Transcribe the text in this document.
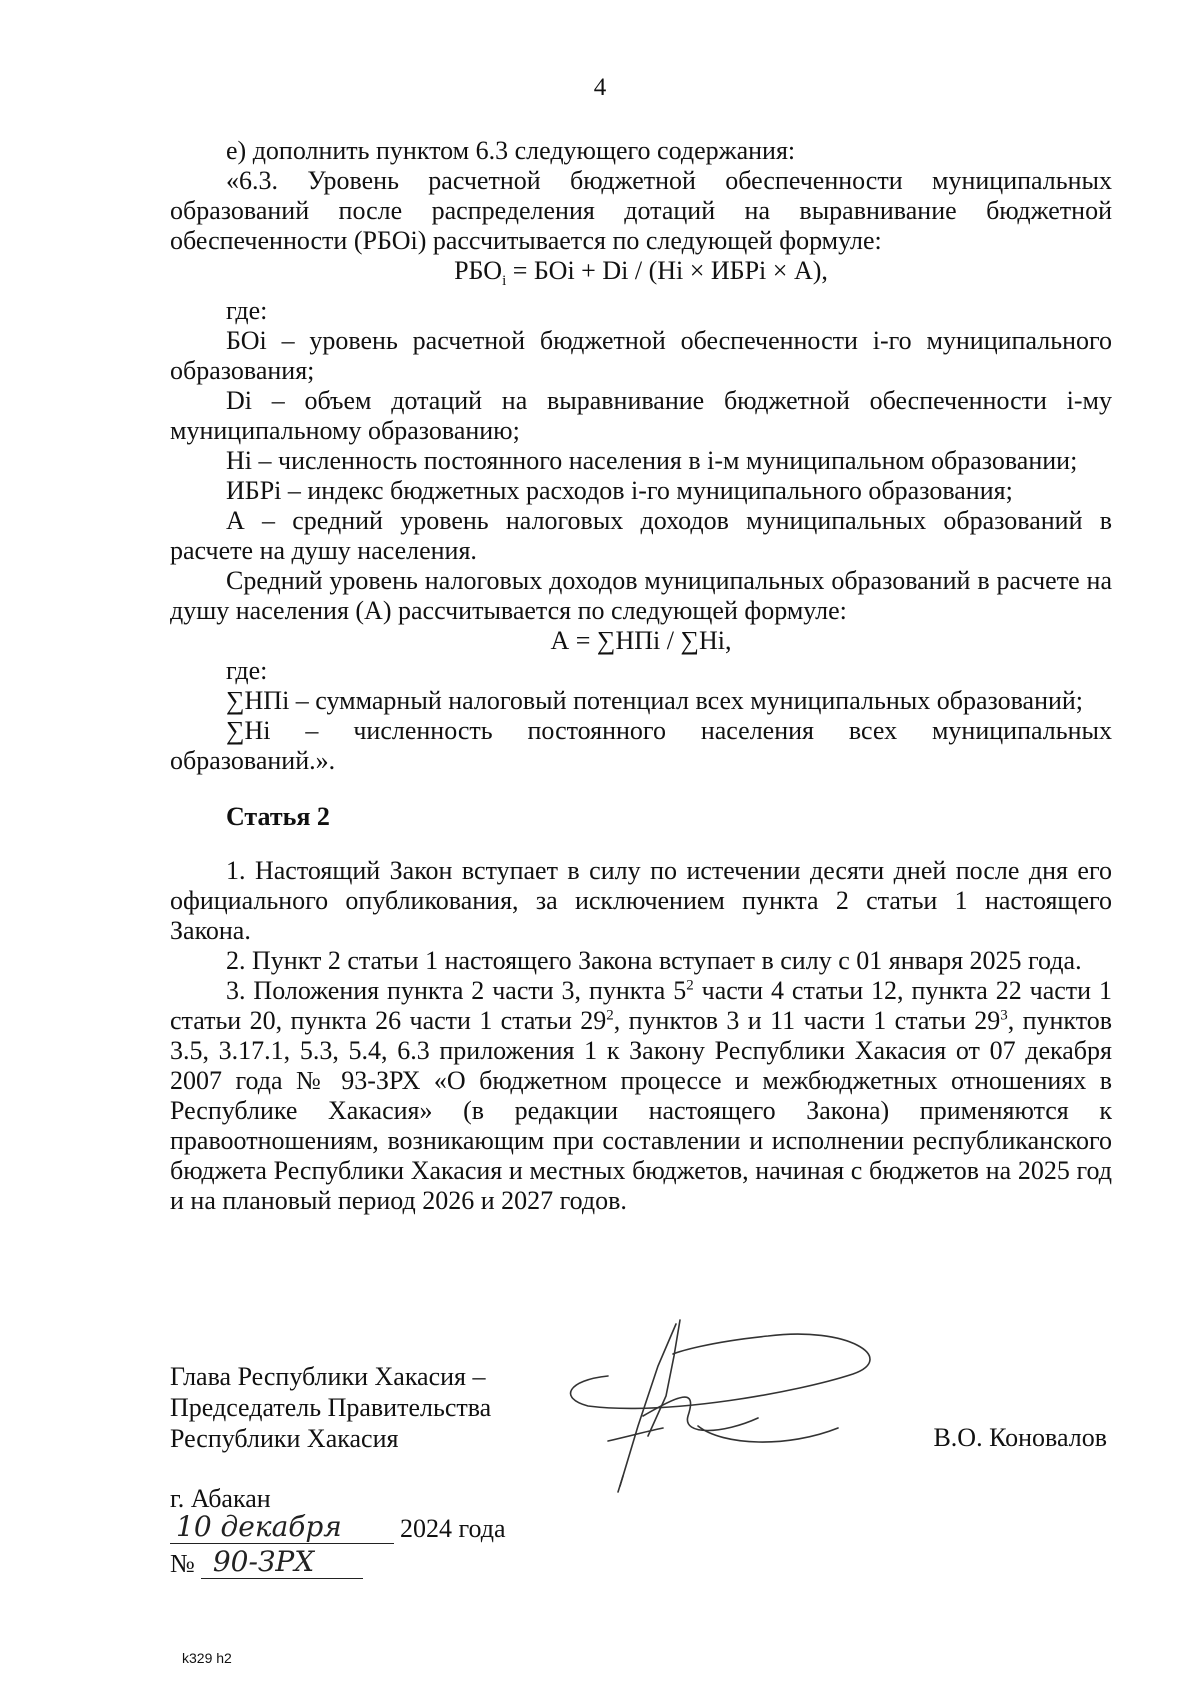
4

е) дополнить пунктом 6.3 следующего содержания:

«6.3. Уровень расчетной бюджетной обеспеченности муниципальных образований после распределения дотаций на выравнивание бюджетной обеспеченности (РБОi) рассчитывается по следующей формуле:

$РБО_i$ = БОi + Di / (Нi × ИБРi × А),

где:

БОi – уровень расчетной бюджетной обеспеченности i-го муниципального образования;

Di – объем дотаций на выравнивание бюджетной обеспеченности i-му муниципальному образованию;

Нi – численность постоянного населения в i-м муниципальном образовании;

ИБРi – индекс бюджетных расходов i-го муниципального образования;

А – средний уровень налоговых доходов муниципальных образований в расчете на душу населения.

Средний уровень налоговых доходов муниципальных образований в расчете на душу населения (А) рассчитывается по следующей формуле:

А = ∑НПi / ∑Нi,

где:

∑НПi – суммарный налоговый потенциал всех муниципальных образований;

∑Нi – численность постоянного населения всех муниципальных образований.».

Статья 2

1. Настоящий Закон вступает в силу по истечении десяти дней после дня его официального опубликования, за исключением пункта 2 статьи 1 настоящего Закона.

2. Пункт 2 статьи 1 настоящего Закона вступает в силу с 01 января 2025 года.

3. Положения пункта 2 части 3, пункта $5^2$ части 4 статьи 12, пункта 22 части 1 статьи 20, пункта 26 части 1 статьи $29^2$, пунктов 3 и 11 части 1 статьи $29^3$, пунктов 3.5, 3.17.1, 5.3, 5.4, 6.3 приложения 1 к Закону Республики Хакасия от 07 декабря 2007 года № 93-ЗРХ «О бюджетном процессе и межбюджетных отношениях в Республике Хакасия» (в редакции настоящего Закона) применяются к правоотношениям, возникающим при составлении и исполнении республиканского бюджета Республики Хакасия и местных бюджетов, начиная с бюджетов на 2025 год и на плановый период 2026 и 2027 годов.

Глава Республики Хакасия –
Председатель Правительства
Республики Хакасия	В.О. Коновалов
г. Абакан
10 декабря	2024 года
№ 90-ЗРХ
k329 h2
